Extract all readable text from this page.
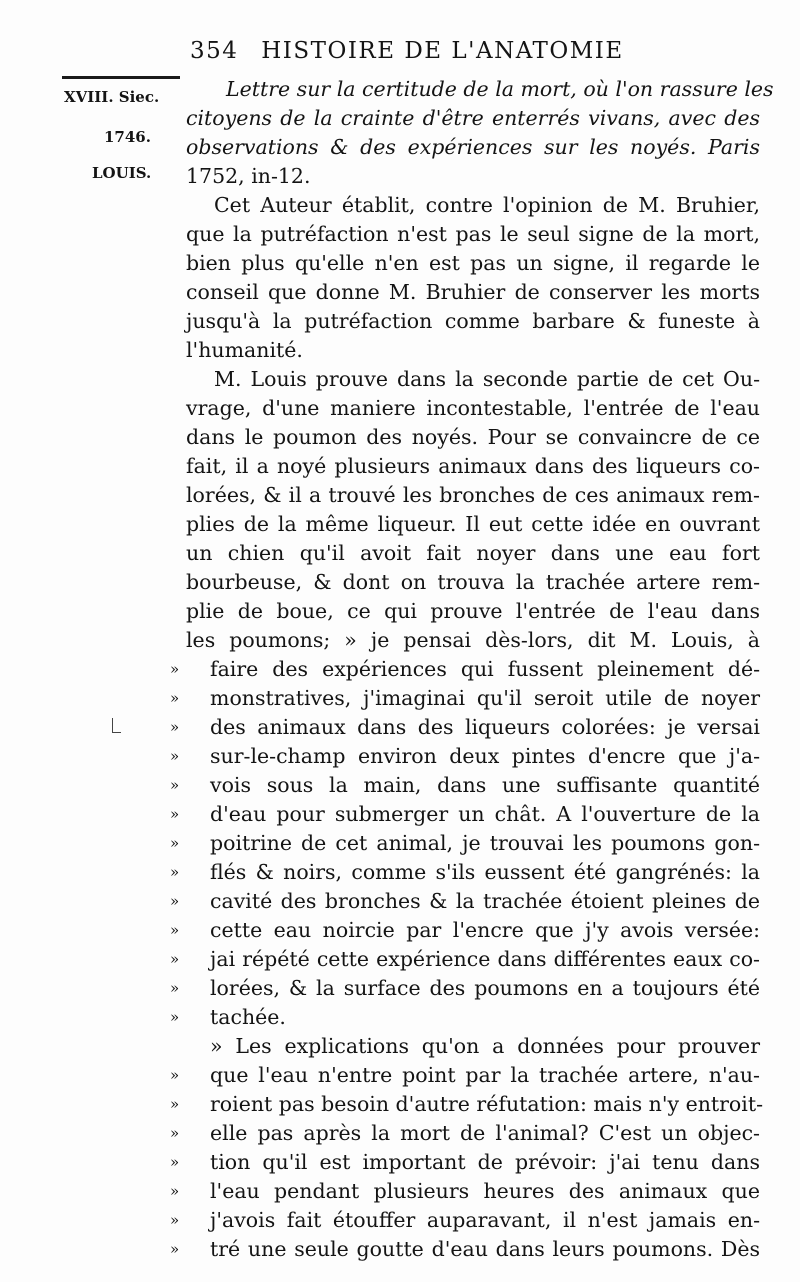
354 HISTOIRE DE L'ANATOMIE
XVIII. Siec.
1746.
LOUIS.
Lettre sur la certitude de la mort, où l'on rassure les
citoyens de la crainte d'être enterrés vivans, avec des
observations & des expériences sur les noyés. Paris
1752, in-12.
Cet Auteur établit, contre l'opinion de M. Bruhier,
que la putréfaction n'est pas le seul signe de la mort,
bien plus qu'elle n'en est pas un signe, il regarde le
conseil que donne M. Bruhier de conserver les morts
jusqu'à la putréfaction comme barbare & funeste à
l'humanité.
M. Louis prouve dans la seconde partie de cet Ou-
vrage, d'une maniere incontestable, l'entrée de l'eau
dans le poumon des noyés. Pour se convaincre de ce
fait, il a noyé plusieurs animaux dans des liqueurs co-
lorées, & il a trouvé les bronches de ces animaux rem-
plies de la même liqueur. Il eut cette idée en ouvrant
un chien qu'il avoit fait noyer dans une eau fort
bourbeuse, & dont on trouva la trachée artere rem-
plie de boue, ce qui prouve l'entrée de l'eau dans
les poumons; » je pensai dès-lors, dit M. Louis, à
»	faire des expériences qui fussent pleinement dé-
»	monstratives, j'imaginai qu'il seroit utile de noyer
»	des animaux dans des liqueurs colorées: je versai
»	sur-le-champ environ deux pintes d'encre que j'a-
»	vois sous la main, dans une suffisante quantité
»	d'eau pour submerger un chât. A l'ouverture de la
»	poitrine de cet animal, je trouvai les poumons gon-
»	flés & noirs, comme s'ils eussent été gangrénés: la
»	cavité des bronches & la trachée étoient pleines de
»	cette eau noircie par l'encre que j'y avois versée:
»	jai répété cette expérience dans différentes eaux co-
»	lorées, & la surface des poumons en a toujours été
»	tachée.
» Les explications qu'on a données pour prouver
»	que l'eau n'entre point par la trachée artere, n'au-
»	roient pas besoin d'autre réfutation: mais n'y entroit-
»	elle pas après la mort de l'animal? C'est un objec-
»	tion qu'il est important de prévoir: j'ai tenu dans
»	l'eau pendant plusieurs heures des animaux que
»	j'avois fait étouffer auparavant, il n'est jamais en-
»	tré une seule goutte d'eau dans leurs poumons. Dès
